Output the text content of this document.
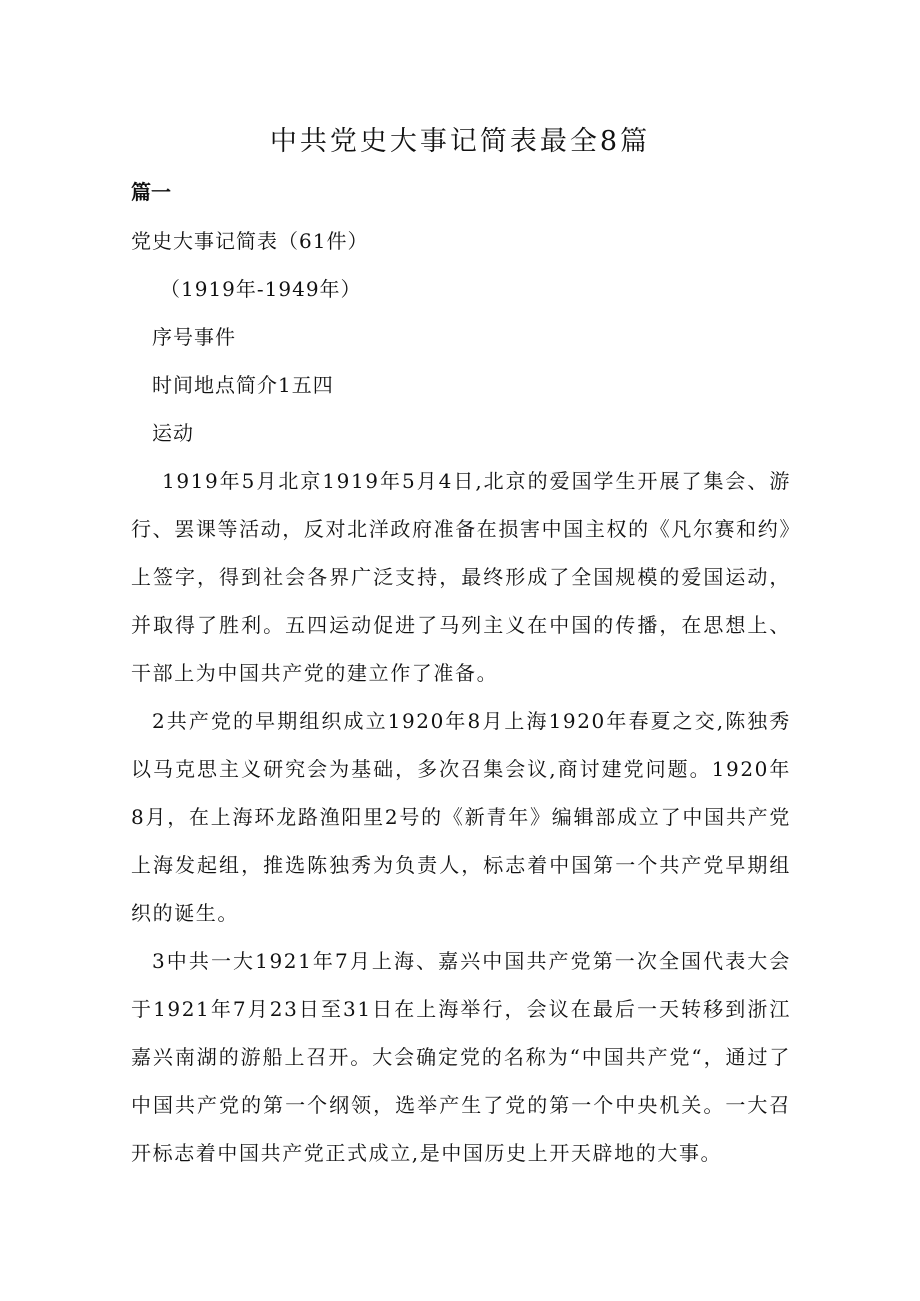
中共党史大事记简表最全8篇
篇一
党史大事记简表（61件）
（1919年-1949年）
序号事件
时间地点简介1五四
运动

1919年5月北京1919年5月4日,北京的爱国学生开展了集会、游行、罢课等活动，反对北洋政府准备在损害中国主权的《凡尔赛和约》上签字，得到社会各界广泛支持，最终形成了全国规模的爱国运动，并取得了胜利。五四运动促进了马列主义在中国的传播，在思想上、干部上为中国共产党的建立作了准备。

2共产党的早期组织成立1920年8月上海1920年春夏之交,陈独秀以马克思主义研究会为基础，多次召集会议,商讨建党问题。1920年8月，在上海环龙路渔阳里2号的《新青年》编辑部成立了中国共产党上海发起组，推选陈独秀为负责人，标志着中国第一个共产党早期组织的诞生。

3中共一大1921年7月上海、嘉兴中国共产党第一次全国代表大会于1921年7月23日至31日在上海举行，会议在最后一天转移到浙江嘉兴南湖的游船上召开。大会确定党的名称为“中国共产党“，通过了中国共产党的第一个纲领，选举产生了党的第一个中央机关。一大召开标志着中国共产党正式成立,是中国历史上开天辟地的大事。
